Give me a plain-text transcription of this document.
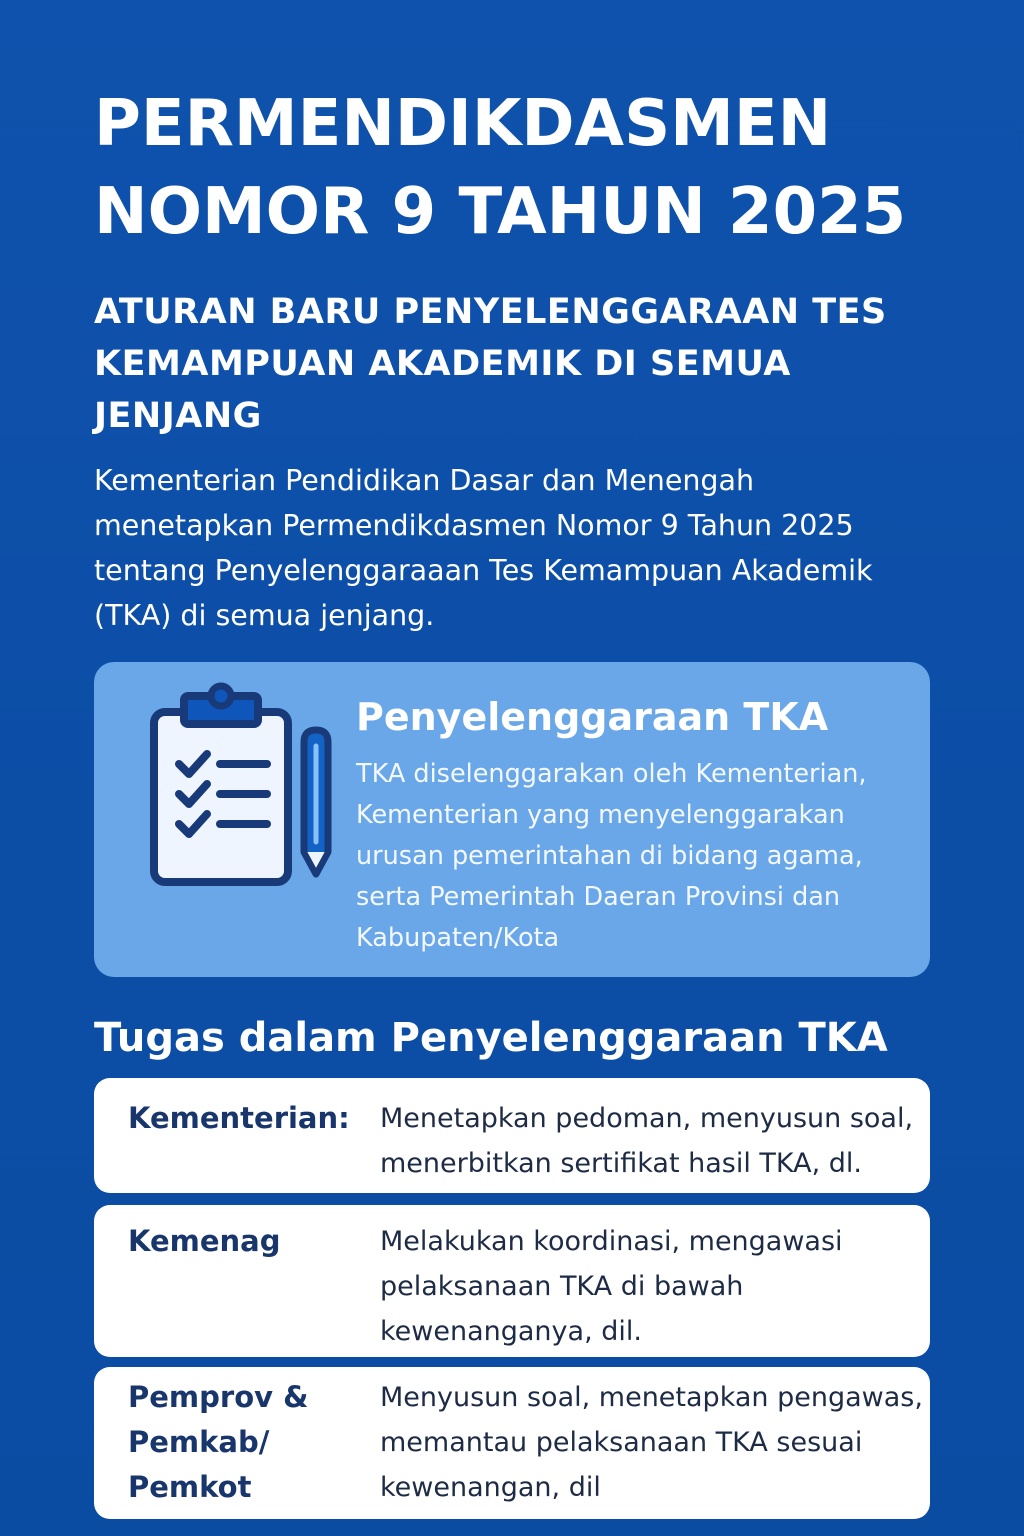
PERMENDIKDASMEN
NOMOR 9 TAHUN 2025
ATURAN BARU PENYELENGGARAAN TES KEMAMPUAN AKADEMIK DI SEMUA JENJANG

Kementerian Pendidikan Dasar dan Menengah menetapkan Permendikdasmen Nomor 9 Tahun 2025 tentang Penyelenggaraaan Tes Kemampuan Akademik (TKA) di semua jenjang.

Penyelenggaraan TKA

TKA diselenggarakan oleh Kementerian, Kementerian yang menyelenggarakan urusan pemerintahan di bidang agama, serta Pemerintah Daeran Provinsi dan Kabupaten/Kota

Tugas dalam Penyelenggaraan TKA
Kementerian:	Menetapkan pedoman, menyusun soal, menerbitkan sertifikat hasil TKA, dl.
Kemenag	Melakukan koordinasi, mengawasi pelaksanaan TKA di bawah kewenanganya, dil.
Pemprov & Pemkab/ Pemkot
Menyusun soal, menetapkan pengawas, memantau pelaksanaan TKA sesuai kewenangan, dil
